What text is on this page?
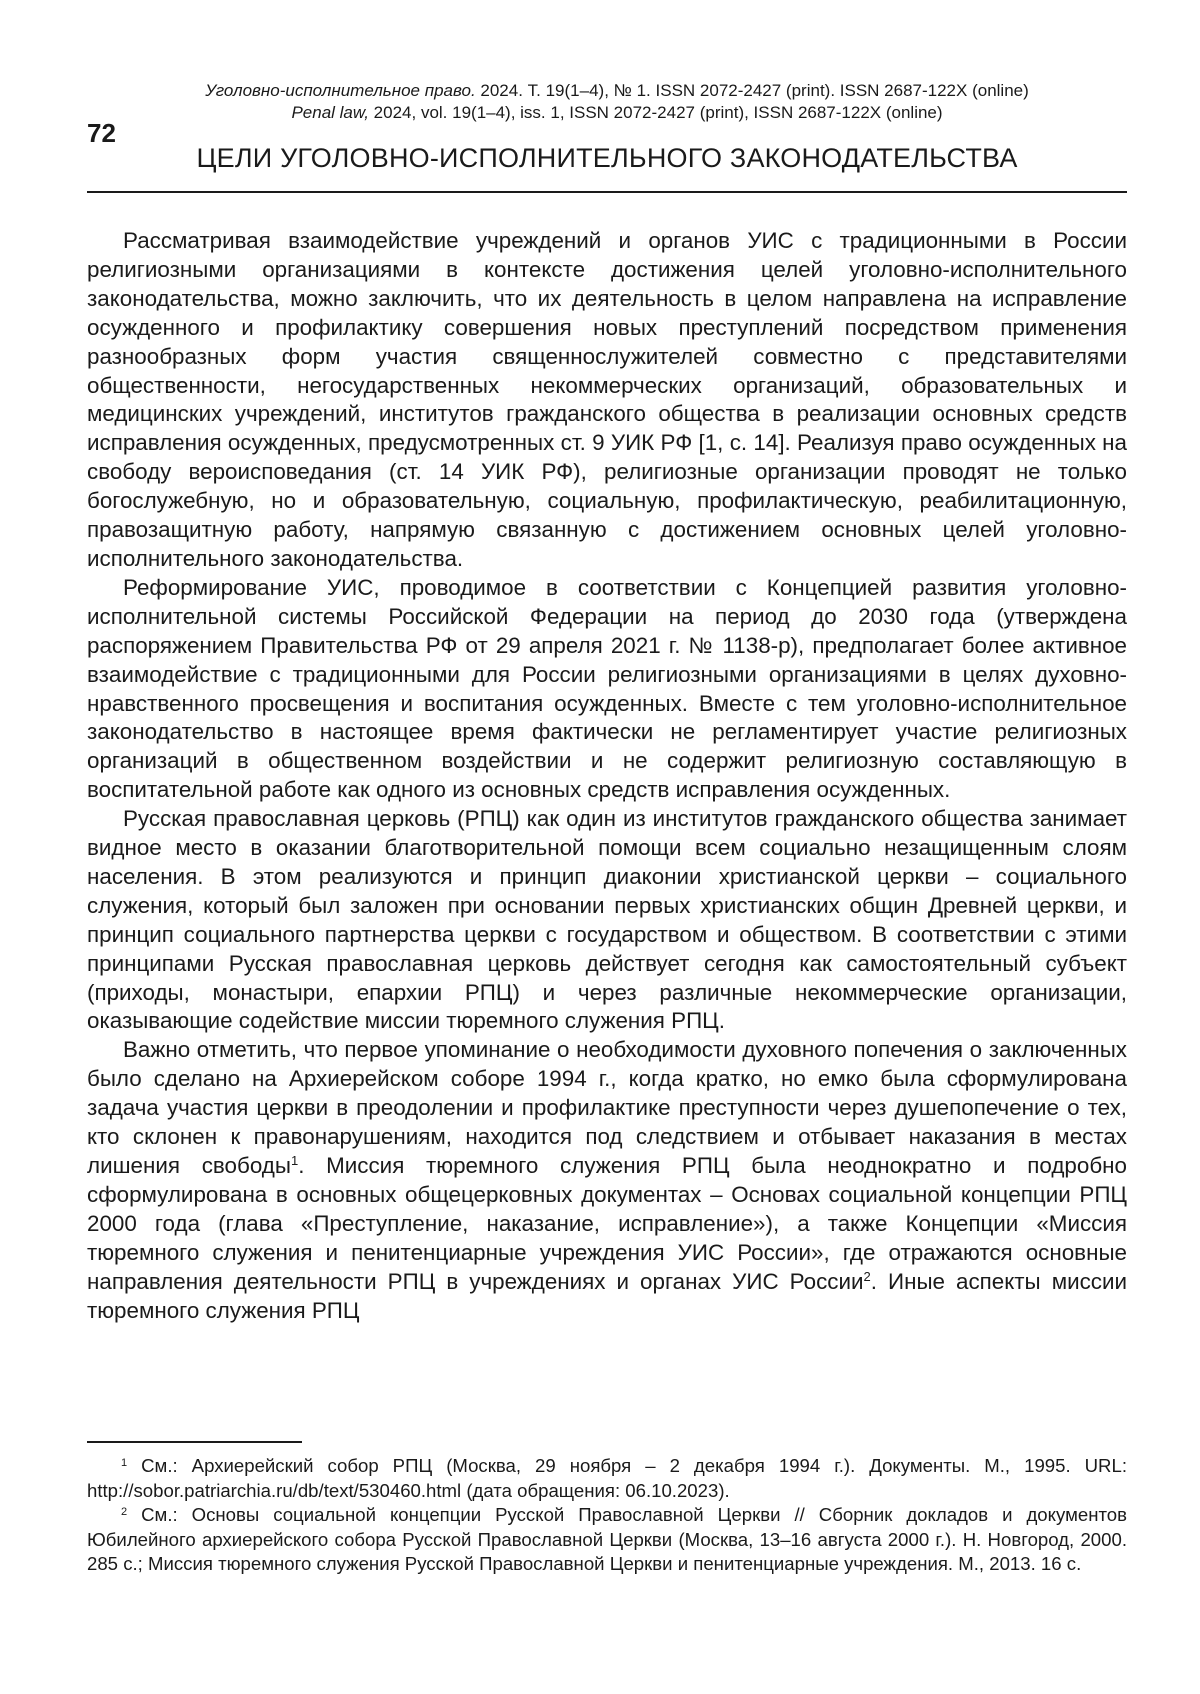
Уголовно-исполнительное право. 2024. Т. 19(1–4), № 1. ISSN 2072-2427 (print). ISSN 2687-122X (online)
Penal law, 2024, vol. 19(1–4), iss. 1, ISSN 2072-2427 (print), ISSN 2687-122X (online)
72
ЦЕЛИ УГОЛОВНО-ИСПОЛНИТЕЛЬНОГО ЗАКОНОДАТЕЛЬСТВА

Рассматривая взаимодействие учреждений и органов УИС с традиционными в России религиозными организациями в контексте достижения целей уголовно-исполнительного законодательства, можно заключить, что их деятельность в целом направлена на ис­правление осужденного и профилактику совершения новых преступлений посредством применения разнообразных форм участия священнослужителей совместно с предста­вителями общественности, негосударственных некоммерческих организаций, образова­тельных и медицинских учреждений, институтов гражданского общества в реализации основных средств исправления осужденных, предусмотренных ст. 9 УИК РФ [1, с. 14]. Реализуя право осужденных на свободу вероисповедания (ст. 14 УИК РФ), религиозные организации проводят не только богослужебную, но и образовательную, социальную, профилактическую, реабилитационную, правозащитную работу, напрямую связанную с достижением основных целей уголовно-исполнительного законодательства.

Реформирование УИС, проводимое в соответствии с Концепцией развития уголовно-исполнительной системы Российской Федерации на период до 2030 года (утверждена распоряжением Правительства РФ от 29 апреля 2021 г. № 1138-р), пред­полагает более активное взаимодействие с традиционными для России религиоз­ными организациями в целях духовно-нравственного просвещения и воспитания осужденных. Вместе с тем уголовно-исполнительное законодательство в настоящее время фактически не регламентирует участие религиозных организаций в обще­ственном воздействии и не содержит религиозную составляющую в воспитательной работе как одного из основных средств исправления осужденных.

Русская православная церковь (РПЦ) как один из институтов гражданского общества занимает видное место в оказании благотворительной помощи всем социально неза­щищенным слоям населения. В этом реализуются и принцип диаконии христианской церкви – социального служения, который был заложен при основании первых христи­анских общин Древней церкви, и принцип социального партнерства церкви с государ­ством и обществом. В соответствии с этими принципами Русская православная церковь действует сегодня как самостоятельный субъект (приходы, монастыри, епархии РПЦ) и через различные некоммерческие организации, оказывающие содействие миссии тю­ремного служения РПЦ.

Важно отметить, что первое упоминание о необходимости духовного попечения о заключенных было сделано на Архиерейском соборе 1994 г., когда кратко, но емко была сформулирована задача участия церкви в преодолении и профилактике преступности через душепопечение о тех, кто склонен к правонарушениям, находится под следствием и отбывает наказания в местах лишения свободы1. Миссия тюремного служения РПЦ была неоднократно и подробно сформулирована в основных общецерковных докумен­тах – Основах социальной концепции РПЦ 2000 года (глава «Преступление, наказание, исправление»), а также Концепции «Миссия тюремного служения и пенитенциарные уч­реждения УИС России», где отражаются основные направления деятельности РПЦ в учреждениях и органах УИС России2. Иные аспекты миссии тюремного служения РПЦ

1 См.: Архиерейский собор РПЦ (Москва, 29 ноября – 2 декабря 1994 г.). Документы. М., 1995. URL: http://sobor.patriarchia.ru/db/text/530460.html (дата обращения: 06.10.2023).

2 См.: Основы социальной концепции Русской Православной Церкви // Сборник докладов и документов Юбилейного архиерейского собора Русской Православной Церкви (Москва, 13–16 августа 2000 г.). Н. Новгород, 2000. 285 с.; Миссия тюремного служения Русской Право­славной Церкви и пенитенциарные учреждения. М., 2013. 16 с.
